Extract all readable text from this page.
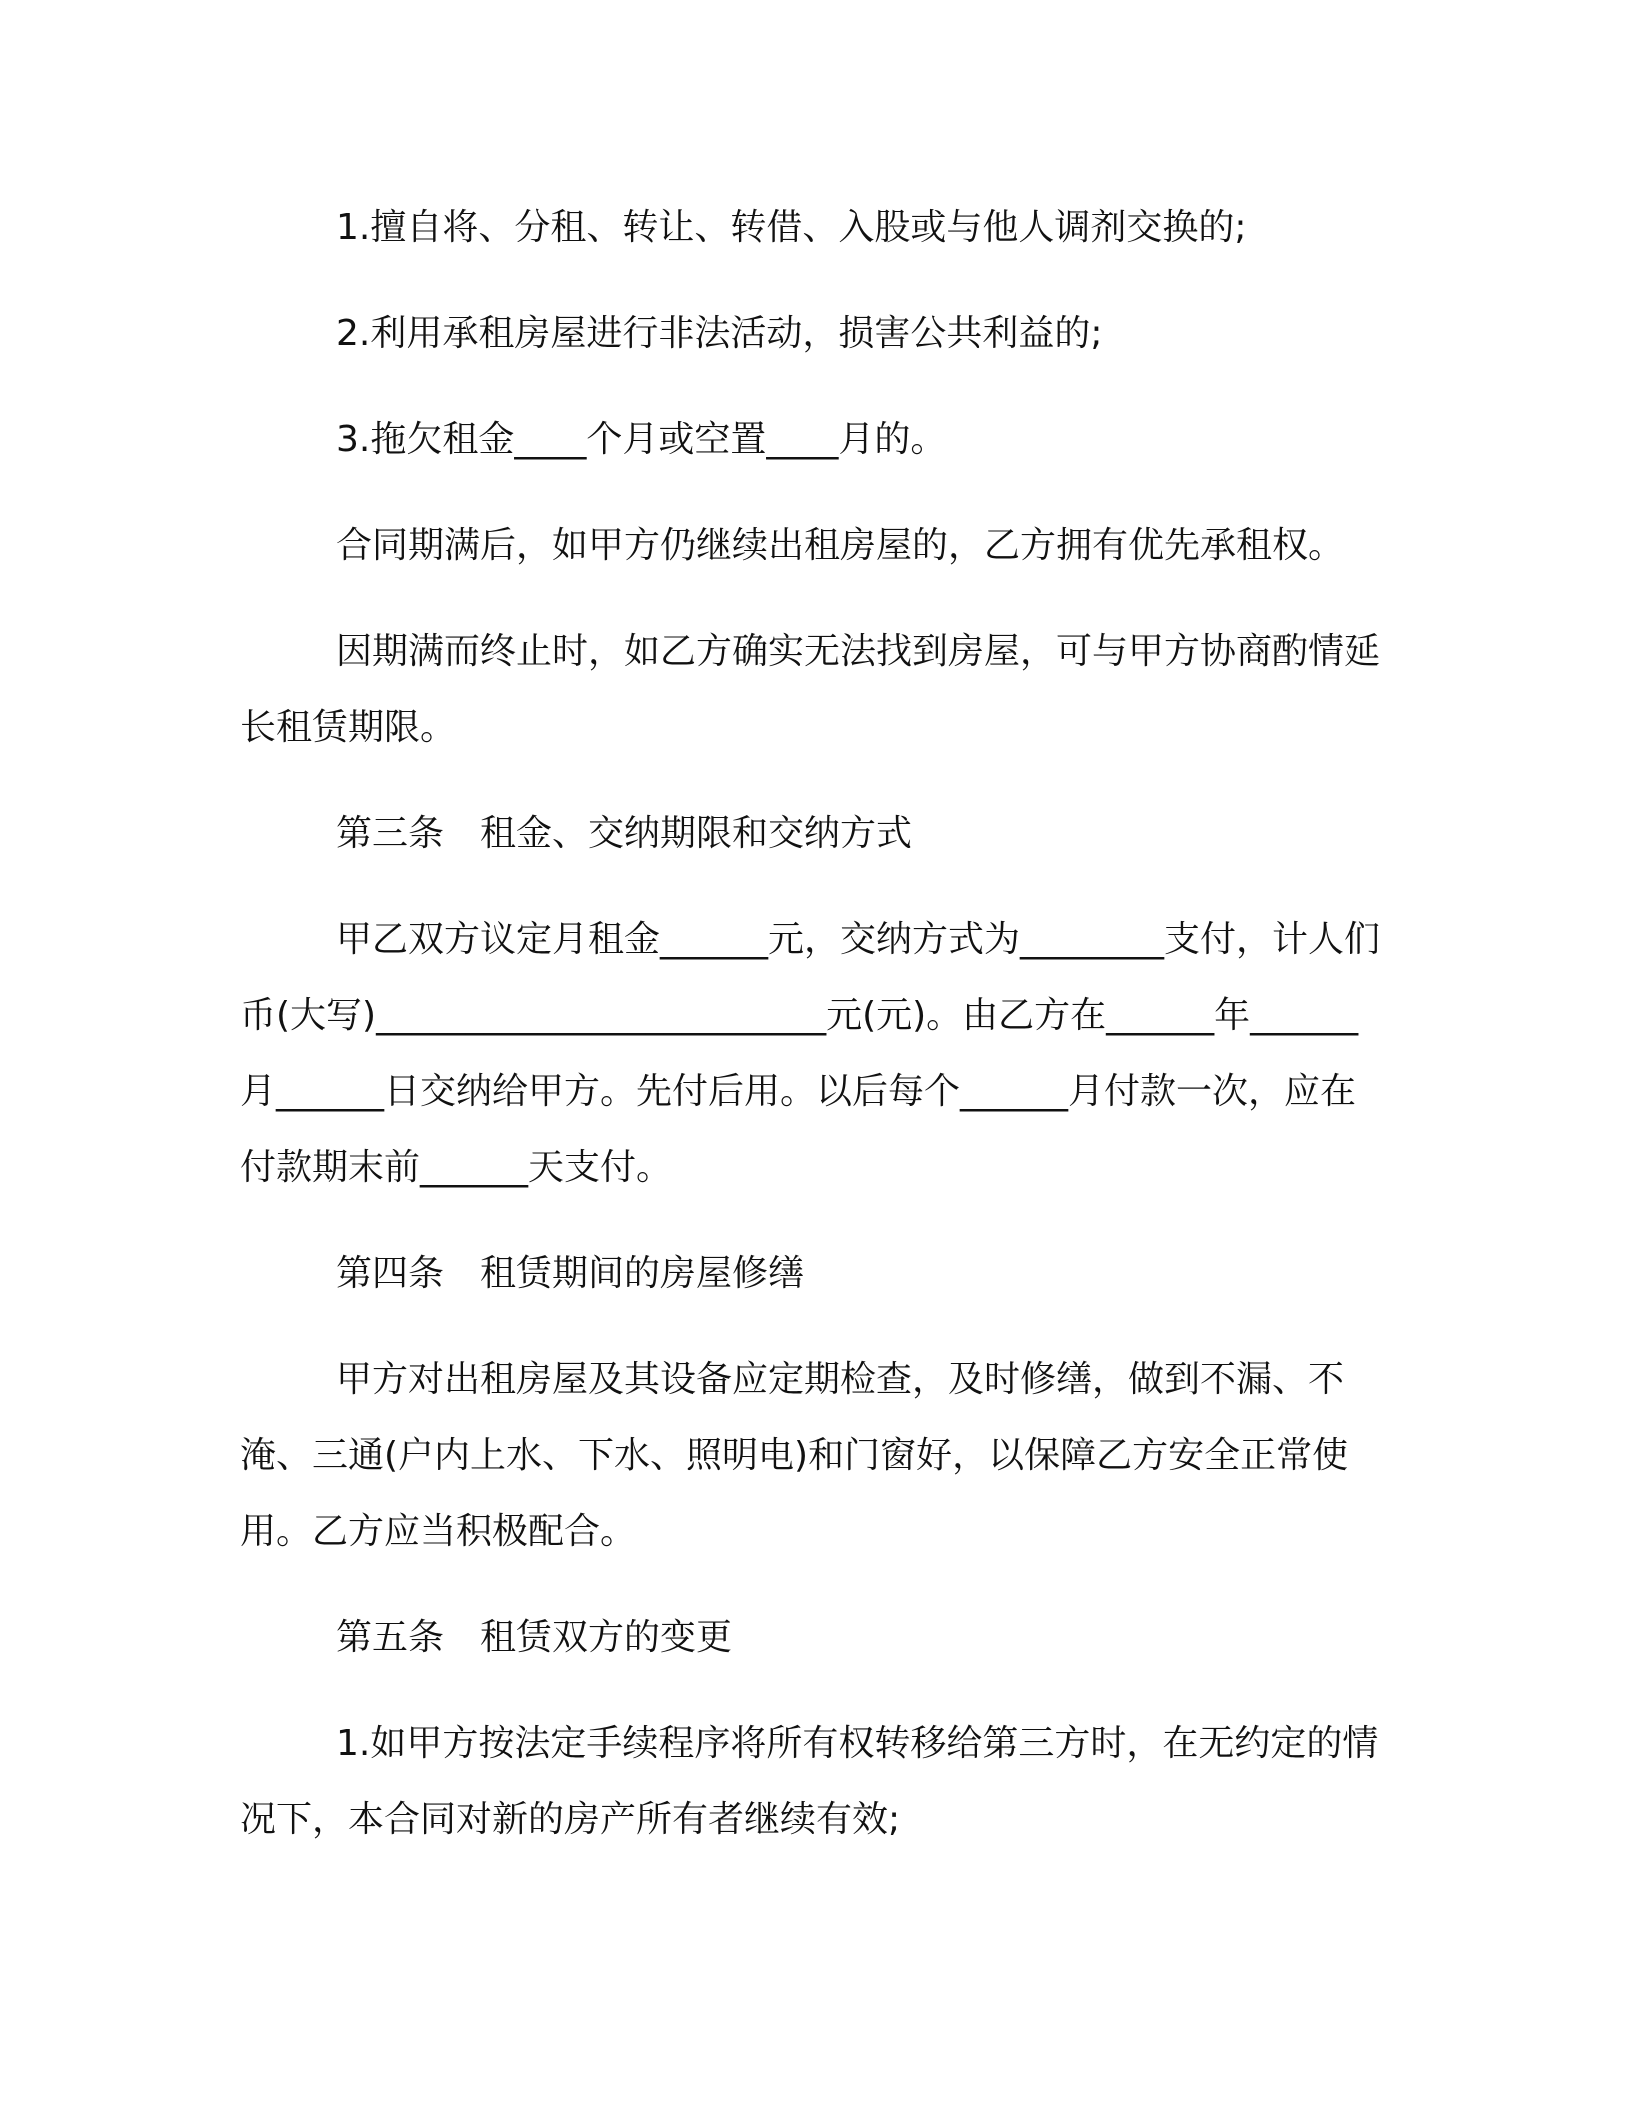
1.擅自将、分租、转让、转借、入股或与他人调剂交换的;

2.利用承租房屋进行非法活动，损害公共利益的;

3.拖欠租金____个月或空置____月的。

合同期满后，如甲方仍继续出租房屋的，乙方拥有优先承租权。

因期满而终止时，如乙方确实无法找到房屋，可与甲方协商酌情延长租赁期限。

第三条　租金、交纳期限和交纳方式

甲乙双方议定月租金______元，交纳方式为________支付，计人们币(大写)_________________________元(元)。由乙方在______年______月______日交纳给甲方。先付后用。以后每个______月付款一次，应在付款期末前______天支付。

第四条　租赁期间的房屋修缮

甲方对出租房屋及其设备应定期检查，及时修缮，做到不漏、不淹、三通(户内上水、下水、照明电)和门窗好，以保障乙方安全正常使用。乙方应当积极配合。

第五条　租赁双方的变更

1.如甲方按法定手续程序将所有权转移给第三方时，在无约定的情况下，本合同对新的房产所有者继续有效;
